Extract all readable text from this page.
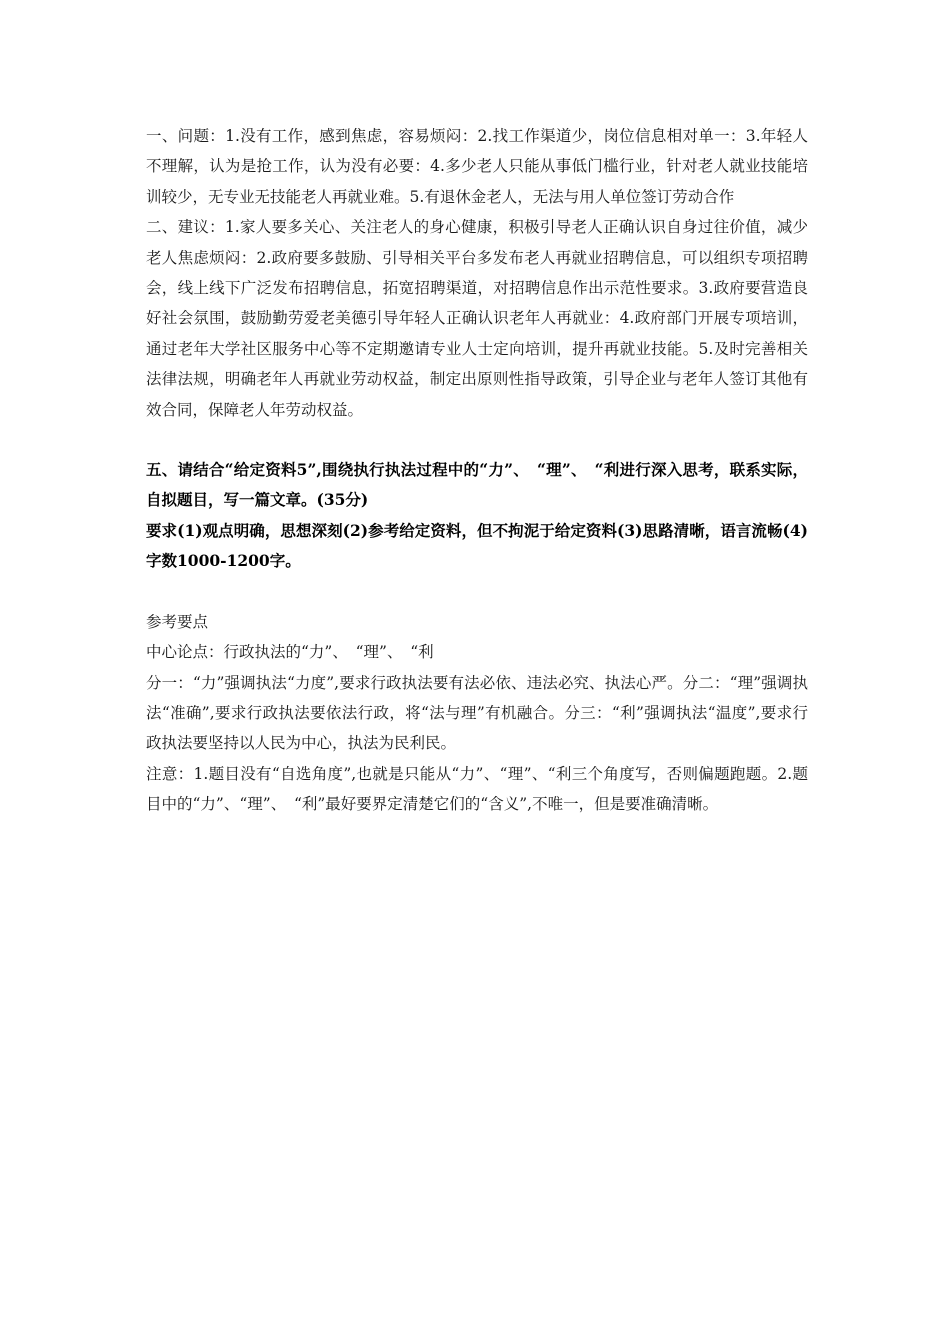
一、问题：1.没有工作，感到焦虑，容易烦闷：2.找工作渠道少，岗位信息相对单一：3.年轻人不理解，认为是抢工作，认为没有必要：4.多少老人只能从事低门槛行业，针对老人就业技能培训较少，无专业无技能老人再就业难。5.有退休金老人，无法与用人单位签订劳动合作

二、建议：1.家人要多关心、关注老人的身心健康，积极引导老人正确认识自身过往价值，减少老人焦虑烦闷：2.政府要多鼓励、引导相关平台多发布老人再就业招聘信息，可以组织专项招聘会，线上线下广泛发布招聘信息，拓宽招聘渠道，对招聘信息作出示范性要求。3.政府要营造良好社会氛围，鼓励勤劳爱老美德引导年轻人正确认识老年人再就业：4.政府部门开展专项培训，通过老年大学社区服务中心等不定期邀请专业人士定向培训，提升再就业技能。5.及时完善相关法律法规，明确老年人再就业劳动权益，制定出原则性指导政策，引导企业与老年人签订其他有效合同，保障老人年劳动权益。

五、请结合“给定资料5”,围绕执行执法过程中的“力”、　“理”、　“利进行深入思考，联系实际，自拟题目，写一篇文章。(35分)

要求(1)观点明确，思想深刻(2)参考给定资料，但不拘泥于给定资料(3)思路清晰，语言流畅(4)字数1000-1200字。

参考要点

中心论点：行政执法的“力”、　“理”、　“利

分一：“力”强调执法“力度”,要求行政执法要有法必依、违法必究、执法心严。分二：“理”强调执法“准确”,要求行政执法要依法行政，将“法与理”有机融合。分三：“利”强调执法“温度”,要求行政执法要坚持以人民为中心，执法为民利民。

注意：1.题目没有“自选角度”,也就是只能从“力”、“理”、“利三个角度写，否则偏题跑题。2.题目中的“力”、“理”、　“利”最好要界定清楚它们的“含义”,不唯一，但是要准确清晰。
